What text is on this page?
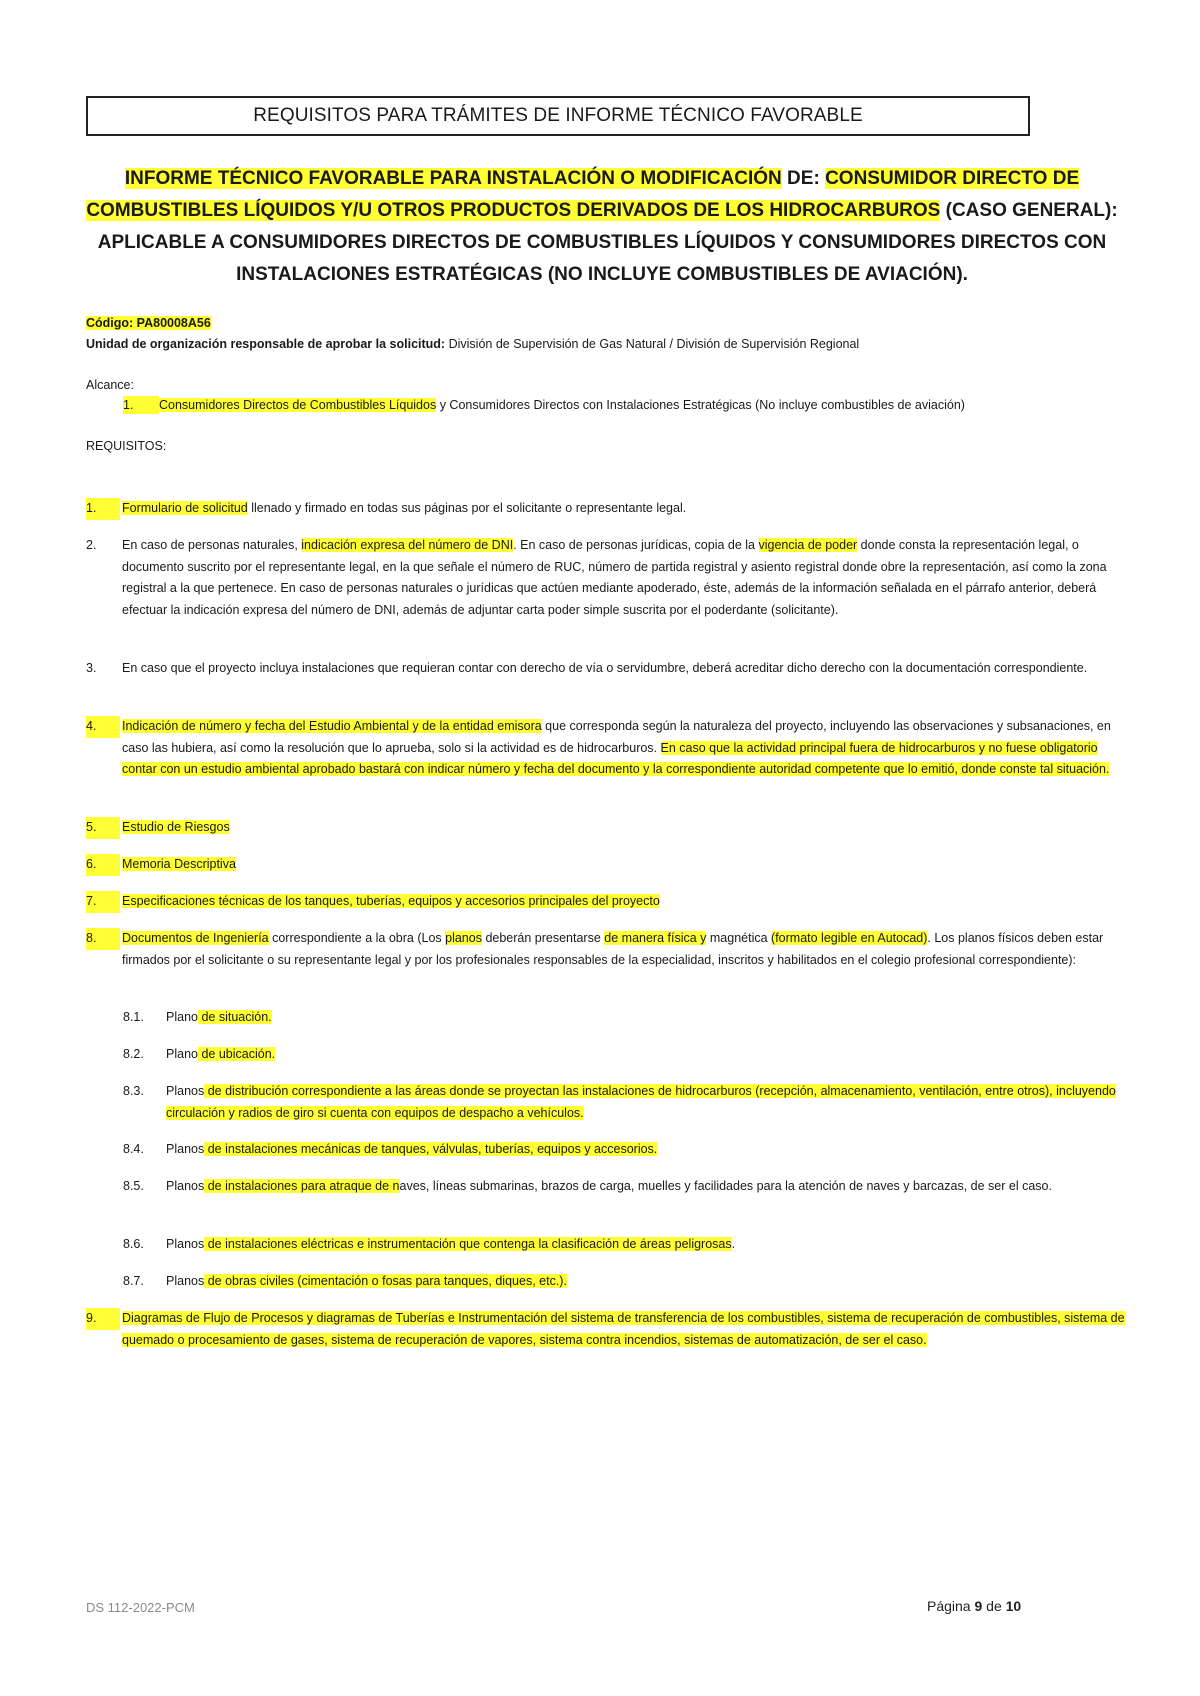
REQUISITOS PARA TRÁMITES DE INFORME TÉCNICO FAVORABLE
INFORME TÉCNICO FAVORABLE PARA INSTALACIÓN O MODIFICACIÓN DE: CONSUMIDOR DIRECTO DE COMBUSTIBLES LÍQUIDOS Y/U OTROS PRODUCTOS DERIVADOS DE LOS HIDROCARBUROS (CASO GENERAL): APLICABLE A CONSUMIDORES DIRECTOS DE COMBUSTIBLES LÍQUIDOS Y CONSUMIDORES DIRECTOS CON INSTALACIONES ESTRATÉGICAS (NO INCLUYE COMBUSTIBLES DE AVIACIÓN).
Código: PA80008A56
Unidad de organización responsable de aprobar la solicitud: División de Supervisión de Gas Natural / División de Supervisión Regional
Alcance:
1. Consumidores Directos de Combustibles Líquidos y Consumidores Directos con Instalaciones Estratégicas (No incluye combustibles de aviación)
REQUISITOS:
1.	Formulario de solicitud llenado y firmado en todas sus páginas por el solicitante o representante legal.
2.	En caso de personas naturales, indicación expresa del número de DNI. En caso de personas jurídicas, copia de la vigencia de poder donde consta la representación legal, o documento suscrito por el representante legal, en la que señale el número de RUC, número de partida registral y asiento registral donde obre la representación, así como la zona registral a la que pertenece. En caso de personas naturales o jurídicas que actúen mediante apoderado, éste, además de la información señalada en el párrafo anterior, deberá efectuar la indicación expresa del número de DNI, además de adjuntar carta poder simple suscrita por el poderdante (solicitante).
3.	En caso que el proyecto incluya instalaciones que requieran contar con derecho de vía o servidumbre, deberá acreditar dicho derecho con la documentación correspondiente.
4.	Indicación de número y fecha del Estudio Ambiental y de la entidad emisora que corresponda según la naturaleza del proyecto, incluyendo las observaciones y subsanaciones, en caso las hubiera, así como la resolución que lo aprueba, solo si la actividad es de hidrocarburos. En caso que la actividad principal fuera de hidrocarburos y no fuese obligatorio contar con un estudio ambiental aprobado bastará con indicar número y fecha del documento y la correspondiente autoridad competente que lo emitió, donde conste tal situación.
5.	Estudio de Riesgos
6.	Memoria Descriptiva
7.	Especificaciones técnicas de los tanques, tuberías, equipos y accesorios principales del proyecto
8.	Documentos de Ingeniería correspondiente a la obra (Los planos deberán presentarse de manera física y magnética (formato legible en Autocad). Los planos físicos deben estar firmados por el solicitante o su representante legal y por los profesionales responsables de la especialidad, inscritos y habilitados en el colegio profesional correspondiente):
8.1.	Plano de situación.
8.2.	Plano de ubicación.
8.3.	Planos de distribución correspondiente a las áreas donde se proyectan las instalaciones de hidrocarburos (recepción, almacenamiento, ventilación, entre otros), incluyendo circulación y radios de giro si cuenta con equipos de despacho a vehículos.
8.4.	Planos de instalaciones mecánicas de tanques, válvulas, tuberías, equipos y accesorios.
8.5.	Planos de instalaciones para atraque de naves, líneas submarinas, brazos de carga, muelles y facilidades para la atención de naves y barcazas, de ser el caso.
8.6.	Planos de instalaciones eléctricas e instrumentación que contenga la clasificación de áreas peligrosas.
8.7.	Planos de obras civiles (cimentación o fosas para tanques, diques, etc.).
9.	Diagramas de Flujo de Procesos y diagramas de Tuberías e Instrumentación del sistema de transferencia de los combustibles, sistema de recuperación de combustibles, sistema de quemado o procesamiento de gases, sistema de recuperación de vapores, sistema contra incendios, sistemas de automatización, de ser el caso.
DS 112-2022-PCM	Página 9 de 10
